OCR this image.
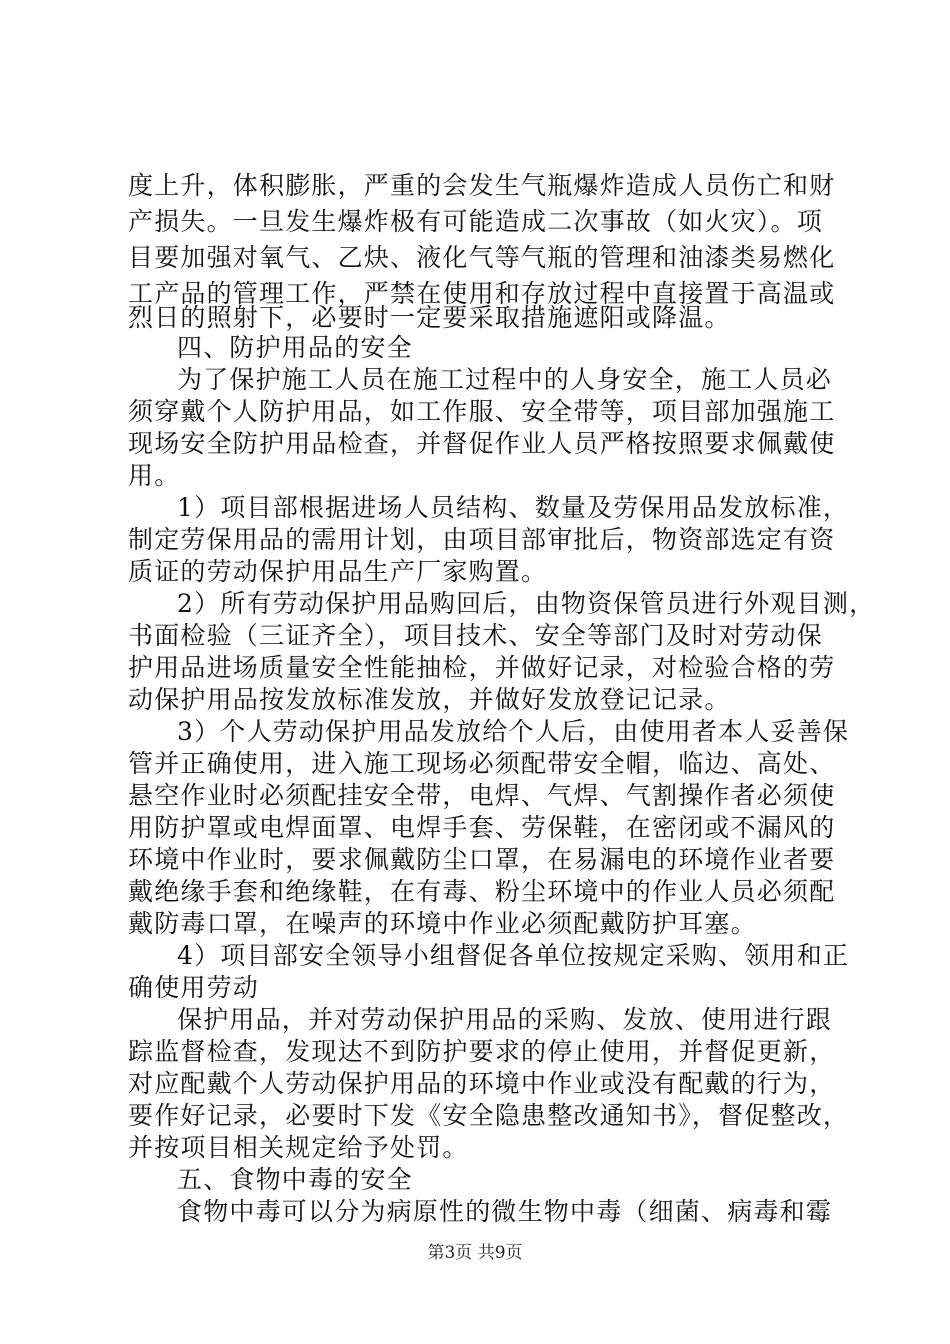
度上升，体积膨胀，严重的会发生气瓶爆炸造成人员伤亡和财
产损失。一旦发生爆炸极有可能造成二次事故（如火灾）。项
目要加强对氧气、乙炔、液化气等气瓶的管理和油漆类易燃化
工产品的管理工作，严禁在使用和存放过程中直接置于高温或
烈日的照射下，必要时一定要采取措施遮阳或降温。
四、防护用品的安全
为了保护施工人员在施工过程中的人身安全，施工人员必
须穿戴个人防护用品，如工作服、安全带等，项目部加强施工
现场安全防护用品检查，并督促作业人员严格按照要求佩戴使
用。
1）项目部根据进场人员结构、数量及劳保用品发放标准，
制定劳保用品的需用计划，由项目部审批后，物资部选定有资
质证的劳动保护用品生产厂家购置。
2）所有劳动保护用品购回后，由物资保管员进行外观目测，
书面检验（三证齐全），项目技术、安全等部门及时对劳动保
护用品进场质量安全性能抽检，并做好记录，对检验合格的劳
动保护用品按发放标准发放，并做好发放登记记录。
3）个人劳动保护用品发放给个人后，由使用者本人妥善保
管并正确使用，进入施工现场必须配带安全帽，临边、高处、
悬空作业时必须配挂安全带，电焊、气焊、气割操作者必须使
用防护罩或电焊面罩、电焊手套、劳保鞋，在密闭或不漏风的
环境中作业时，要求佩戴防尘口罩，在易漏电的环境作业者要
戴绝缘手套和绝缘鞋，在有毒、粉尘环境中的作业人员必须配
戴防毒口罩，在噪声的环境中作业必须配戴防护耳塞。
4）项目部安全领导小组督促各单位按规定采购、领用和正
确使用劳动
保护用品，并对劳动保护用品的采购、发放、使用进行跟
踪监督检查，发现达不到防护要求的停止使用，并督促更新，
对应配戴个人劳动保护用品的环境中作业或没有配戴的行为，
要作好记录，必要时下发《安全隐患整改通知书》，督促整改，
并按项目相关规定给予处罚。
五、食物中毒的安全
食物中毒可以分为病原性的微生物中毒（细菌、病毒和霉
第3页 共9页
